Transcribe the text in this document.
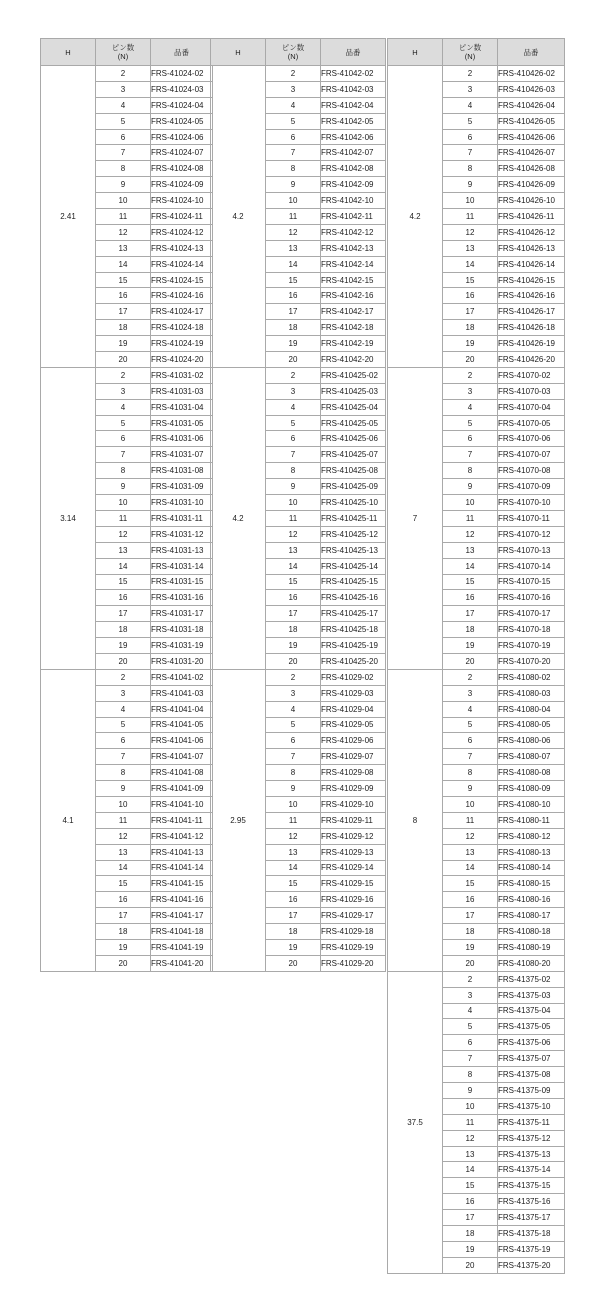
H	ピン数
(N)	品番
2.41	2	FRS-41024-02
	3	FRS-41024-03
	4	FRS-41024-04
	5	FRS-41024-05
	6	FRS-41024-06
	7	FRS-41024-07
	8	FRS-41024-08
	9	FRS-41024-09
	10	FRS-41024-10
	11	FRS-41024-11
	12	FRS-41024-12
	13	FRS-41024-13
	14	FRS-41024-14
	15	FRS-41024-15
	16	FRS-41024-16
	17	FRS-41024-17
	18	FRS-41024-18
	19	FRS-41024-19
	20	FRS-41024-20
3.14	2	FRS-41031-02
	3	FRS-41031-03
	4	FRS-41031-04
	5	FRS-41031-05
	6	FRS-41031-06
	7	FRS-41031-07
	8	FRS-41031-08
	9	FRS-41031-09
	10	FRS-41031-10
	11	FRS-41031-11
	12	FRS-41031-12
	13	FRS-41031-13
	14	FRS-41031-14
	15	FRS-41031-15
	16	FRS-41031-16
	17	FRS-41031-17
	18	FRS-41031-18
	19	FRS-41031-19
	20	FRS-41031-20
4.1	2	FRS-41041-02
	3	FRS-41041-03
	4	FRS-41041-04
	5	FRS-41041-05
	6	FRS-41041-06
	7	FRS-41041-07
	8	FRS-41041-08
	9	FRS-41041-09
	10	FRS-41041-10
	11	FRS-41041-11
	12	FRS-41041-12
	13	FRS-41041-13
	14	FRS-41041-14
	15	FRS-41041-15
	16	FRS-41041-16
	17	FRS-41041-17
	18	FRS-41041-18
	19	FRS-41041-19
	20	FRS-41041-20
H	ピン数
(N)	品番
4.2	2	FRS-41042-02
	3	FRS-41042-03
	4	FRS-41042-04
	5	FRS-41042-05
	6	FRS-41042-06
	7	FRS-41042-07
	8	FRS-41042-08
	9	FRS-41042-09
	10	FRS-41042-10
	11	FRS-41042-11
	12	FRS-41042-12
	13	FRS-41042-13
	14	FRS-41042-14
	15	FRS-41042-15
	16	FRS-41042-16
	17	FRS-41042-17
	18	FRS-41042-18
	19	FRS-41042-19
	20	FRS-41042-20
4.2	2	FRS-410425-02
	3	FRS-410425-03
	4	FRS-410425-04
	5	FRS-410425-05
	6	FRS-410425-06
	7	FRS-410425-07
	8	FRS-410425-08
	9	FRS-410425-09
	10	FRS-410425-10
	11	FRS-410425-11
	12	FRS-410425-12
	13	FRS-410425-13
	14	FRS-410425-14
	15	FRS-410425-15
	16	FRS-410425-16
	17	FRS-410425-17
	18	FRS-410425-18
	19	FRS-410425-19
	20	FRS-410425-20
2.95	2	FRS-41029-02
	3	FRS-41029-03
	4	FRS-41029-04
	5	FRS-41029-05
	6	FRS-41029-06
	7	FRS-41029-07
	8	FRS-41029-08
	9	FRS-41029-09
	10	FRS-41029-10
	11	FRS-41029-11
	12	FRS-41029-12
	13	FRS-41029-13
	14	FRS-41029-14
	15	FRS-41029-15
	16	FRS-41029-16
	17	FRS-41029-17
	18	FRS-41029-18
	19	FRS-41029-19
	20	FRS-41029-20
H	ピン数
(N)	品番
4.2	2	FRS-410426-02
	3	FRS-410426-03
	4	FRS-410426-04
	5	FRS-410426-05
	6	FRS-410426-06
	7	FRS-410426-07
	8	FRS-410426-08
	9	FRS-410426-09
	10	FRS-410426-10
	11	FRS-410426-11
	12	FRS-410426-12
	13	FRS-410426-13
	14	FRS-410426-14
	15	FRS-410426-15
	16	FRS-410426-16
	17	FRS-410426-17
	18	FRS-410426-18
	19	FRS-410426-19
	20	FRS-410426-20
7	2	FRS-41070-02
	3	FRS-41070-03
	4	FRS-41070-04
	5	FRS-41070-05
	6	FRS-41070-06
	7	FRS-41070-07
	8	FRS-41070-08
	9	FRS-41070-09
	10	FRS-41070-10
	11	FRS-41070-11
	12	FRS-41070-12
	13	FRS-41070-13
	14	FRS-41070-14
	15	FRS-41070-15
	16	FRS-41070-16
	17	FRS-41070-17
	18	FRS-41070-18
	19	FRS-41070-19
	20	FRS-41070-20
8	2	FRS-41080-02
	3	FRS-41080-03
	4	FRS-41080-04
	5	FRS-41080-05
	6	FRS-41080-06
	7	FRS-41080-07
	8	FRS-41080-08
	9	FRS-41080-09
	10	FRS-41080-10
	11	FRS-41080-11
	12	FRS-41080-12
	13	FRS-41080-13
	14	FRS-41080-14
	15	FRS-41080-15
	16	FRS-41080-16
	17	FRS-41080-17
	18	FRS-41080-18
	19	FRS-41080-19
	20	FRS-41080-20
37.5	2	FRS-41375-02
	3	FRS-41375-03
	4	FRS-41375-04
	5	FRS-41375-05
	6	FRS-41375-06
	7	FRS-41375-07
	8	FRS-41375-08
	9	FRS-41375-09
	10	FRS-41375-10
	11	FRS-41375-11
	12	FRS-41375-12
	13	FRS-41375-13
	14	FRS-41375-14
	15	FRS-41375-15
	16	FRS-41375-16
	17	FRS-41375-17
	18	FRS-41375-18
	19	FRS-41375-19
	20	FRS-41375-20
